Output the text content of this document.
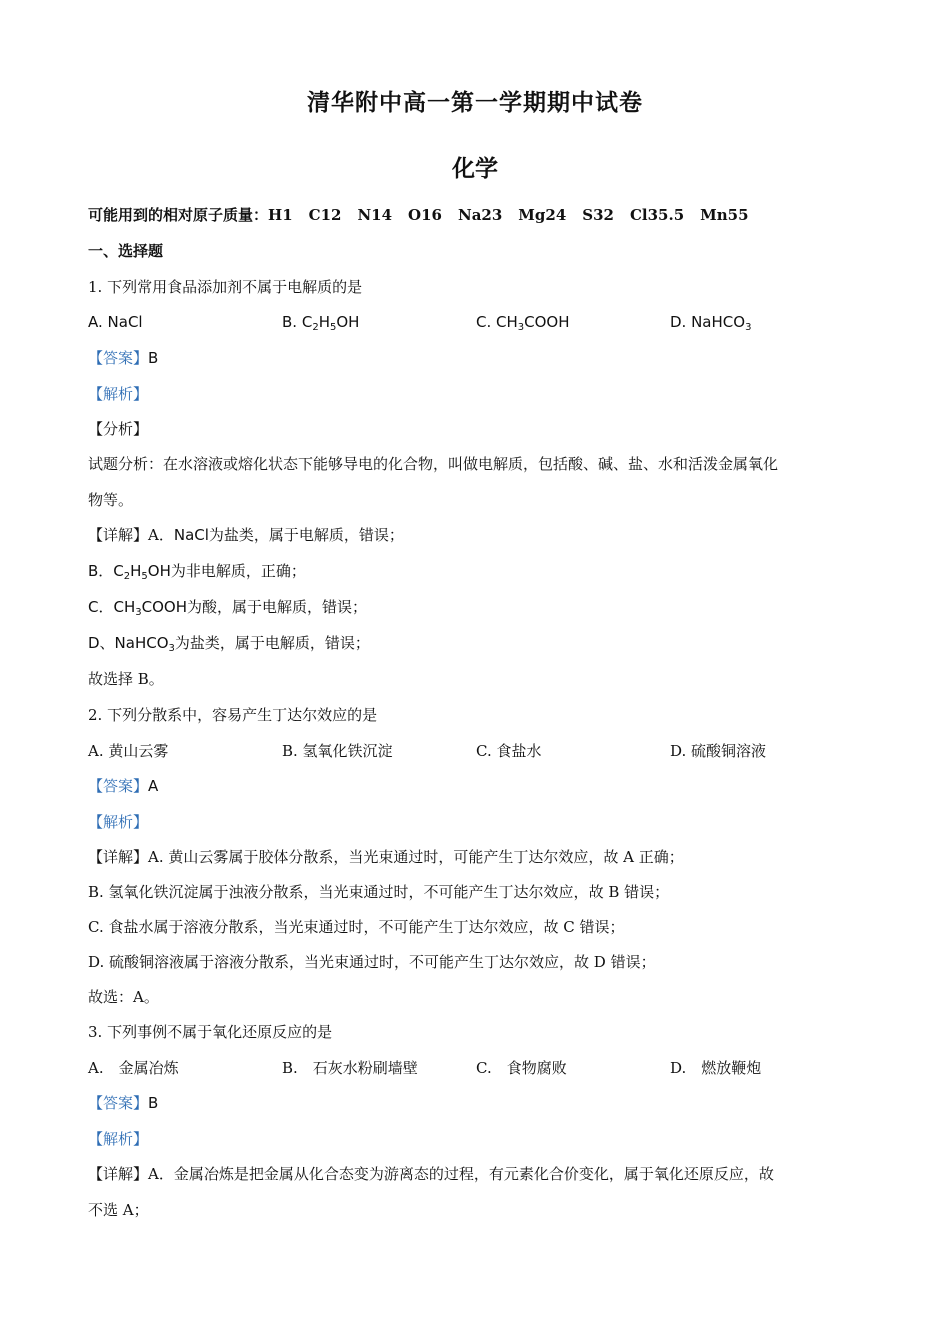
清华附中高一第一学期期中试卷
化学
可能用到的相对原子质量：H1 C12 N14 O16 Na23 Mg24 S32 Cl35.5 Mn55
一、选择题
1. 下列常用食品添加剂不属于电解质的是
A. NaCl	B. $C_2H_5OH$	C. $CH_3COOH$	D. NaHCO$_3$
【答案】B
【解析】
【分析】
试题分析：在水溶液或熔化状态下能够导电的化合物，叫做电解质，包括酸、碱、盐、水和活泼金属氧化
物等。
【详解】A．NaCl为盐类，属于电解质，错误；
B．$C_2H_5OH$为非电解质，正确；
C．$CH_3COOH$为酸，属于电解质，错误；
D、NaHCO$_3$为盐类，属于电解质，错误；
故选择 B。
2. 下列分散系中，容易产生丁达尔效应的是
A. 黄山云雾	B. 氢氧化铁沉淀	C. 食盐水	D. 硫酸铜溶液
【答案】A
【解析】
【详解】A. 黄山云雾属于胶体分散系，当光束通过时，可能产生丁达尔效应，故 A 正确；
B. 氢氧化铁沉淀属于浊液分散系，当光束通过时，不可能产生丁达尔效应，故 B 错误；
C. 食盐水属于溶液分散系，当光束通过时，不可能产生丁达尔效应，故 C 错误；
D. 硫酸铜溶液属于溶液分散系，当光束通过时，不可能产生丁达尔效应，故 D 错误；
故选：A。
3. 下列事例不属于氧化还原反应的是
A.　金属冶炼	B.　石灰水粉刷墙壁	C.　食物腐败	D.　燃放鞭炮
【答案】B
【解析】
【详解】A．金属冶炼是把金属从化合态变为游离态的过程，有元素化合价变化，属于氧化还原反应，故
不选 A；
